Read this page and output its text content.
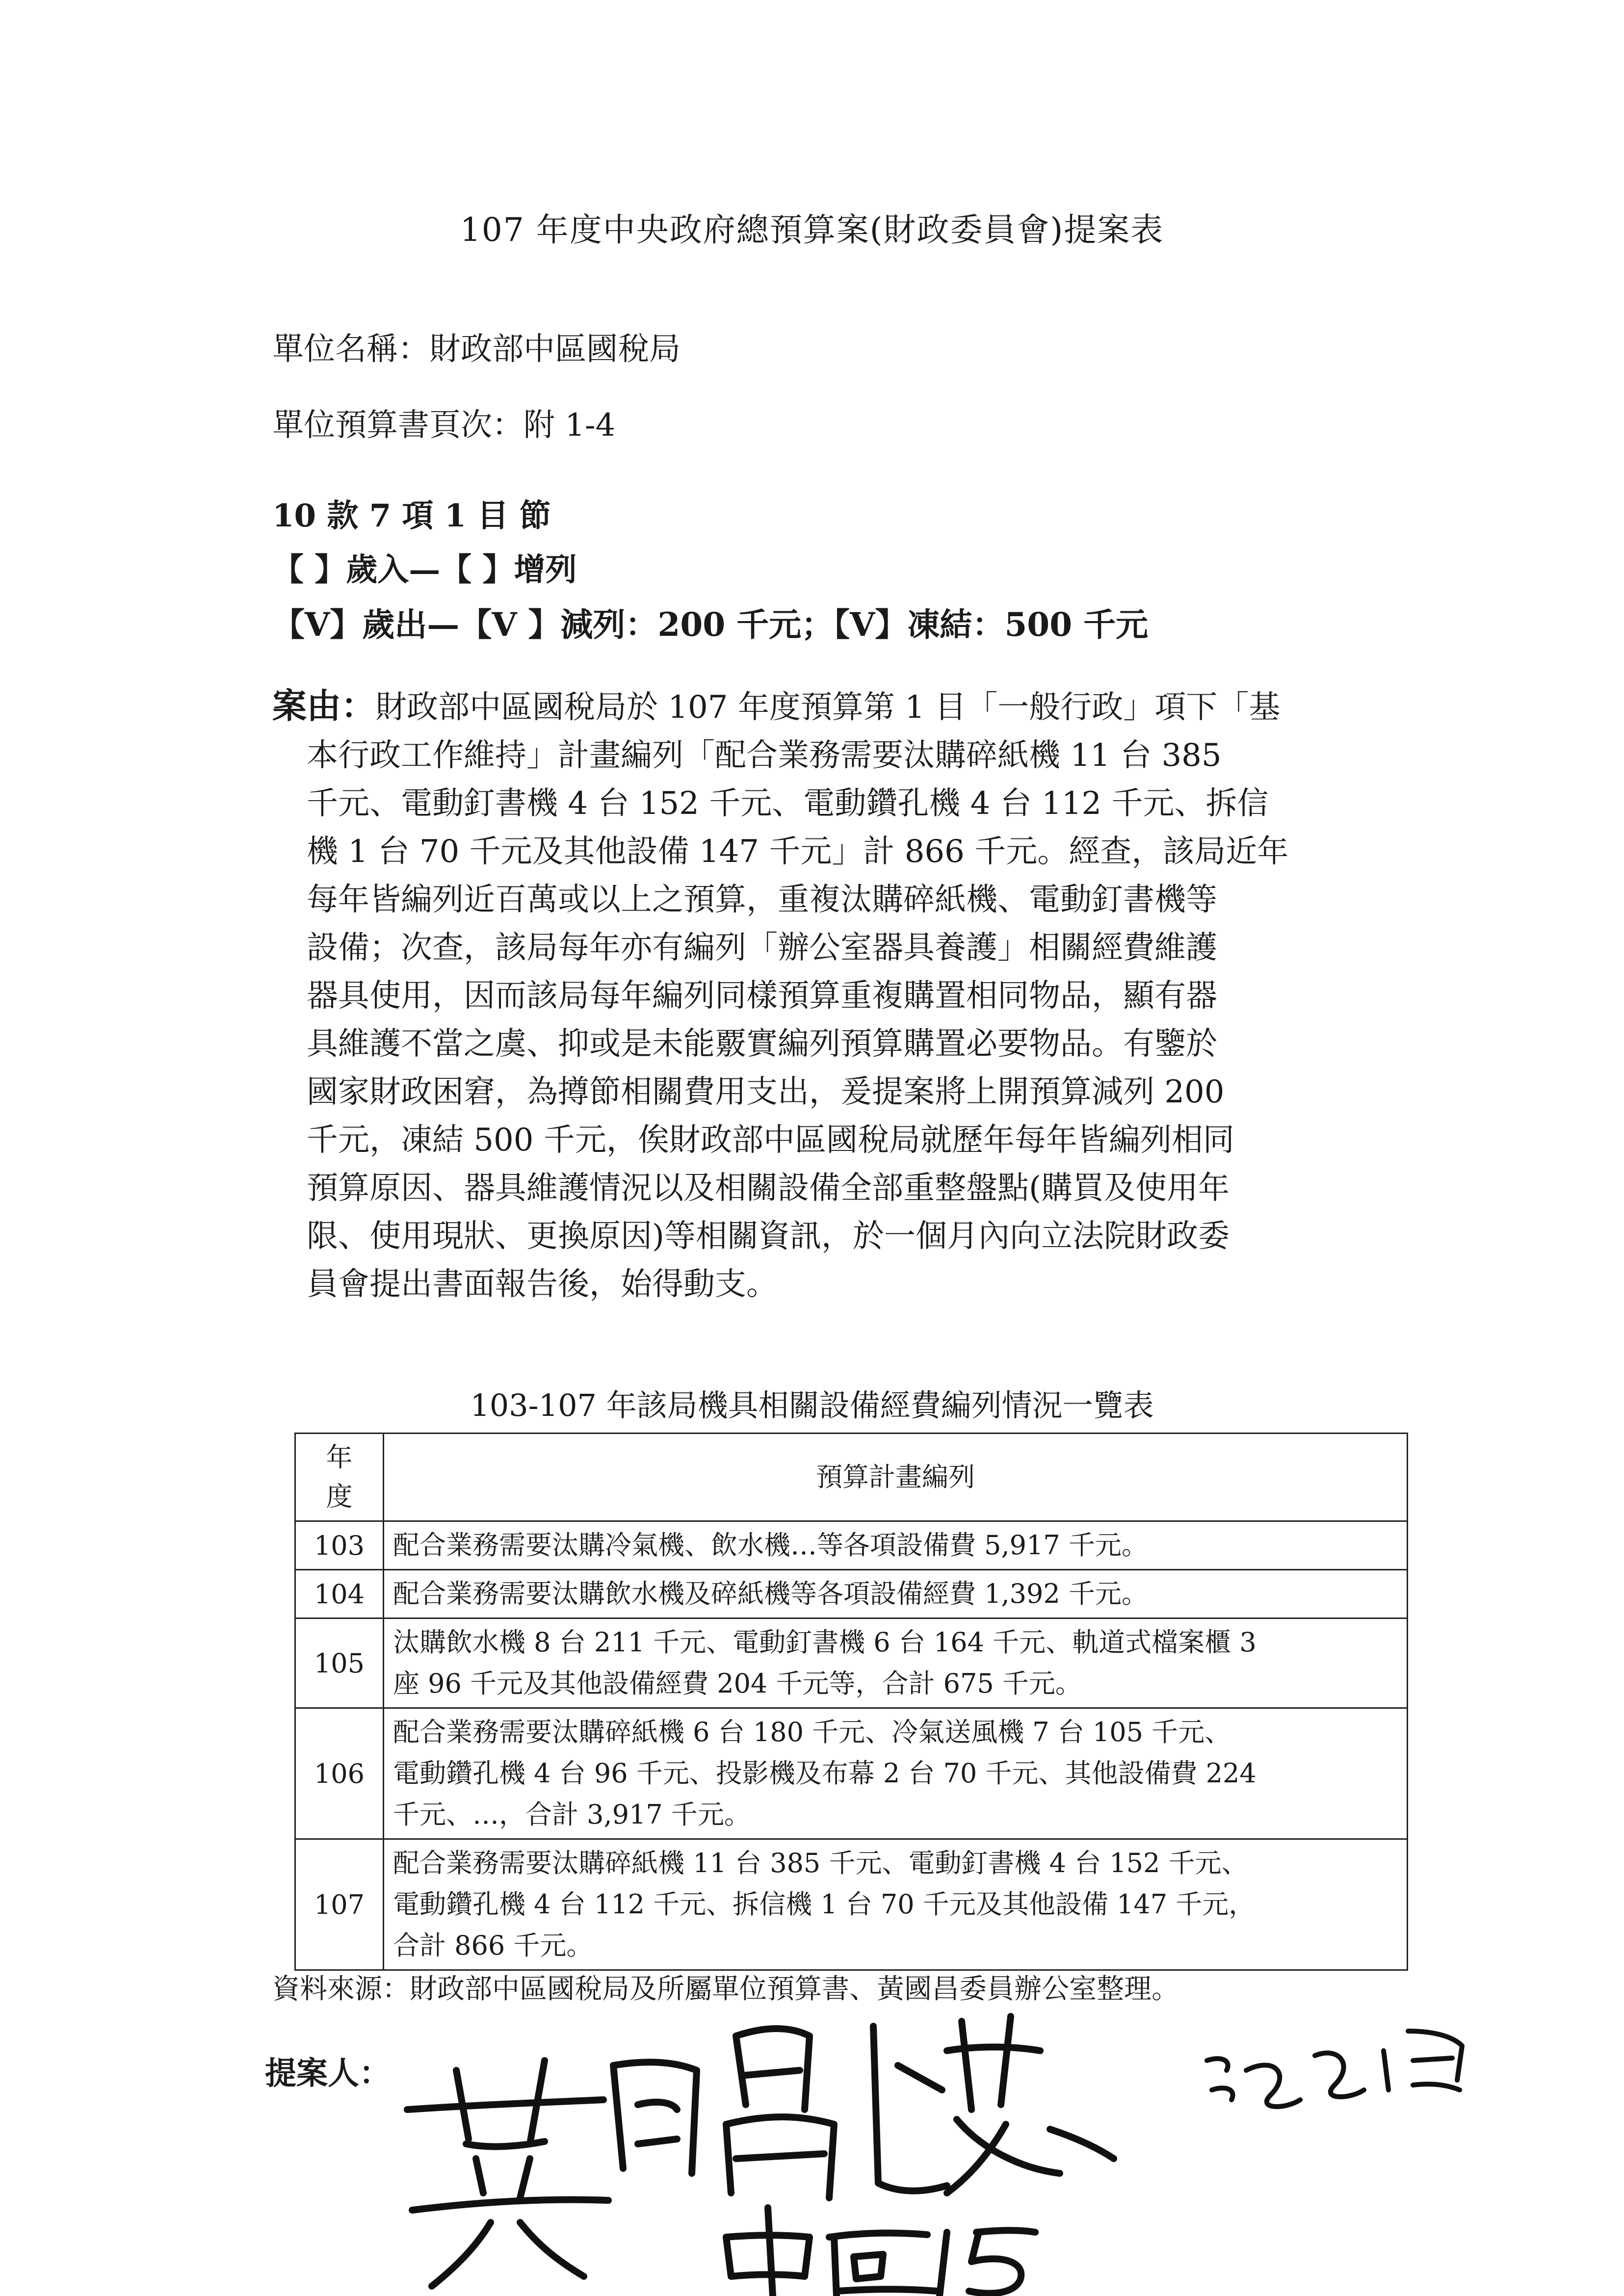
107 年度中央政府總預算案(財政委員會)提案表
單位名稱：財政部中區國稅局
單位預算書頁次：附 1-4
10 款 7 項 1 目 節
【 】歲入—【 】增列
【V】歲出—【V 】減列：200 千元；【V】凍結：500 千元
案由：財政部中區國稅局於 107 年度預算第 1 目「一般行政」項下「基
本行政工作維持」計畫編列「配合業務需要汰購碎紙機 11 台 385
千元、電動釘書機 4 台 152 千元、電動鑽孔機 4 台 112 千元、拆信
機 1 台 70 千元及其他設備 147 千元」計 866 千元。經查，該局近年
每年皆編列近百萬或以上之預算，重複汰購碎紙機、電動釘書機等
設備；次查，該局每年亦有編列「辦公室器具養護」相關經費維護
器具使用，因而該局每年編列同樣預算重複購置相同物品，顯有器
具維護不當之虞、抑或是未能覈實編列預算購置必要物品。有鑒於
國家財政困窘，為撙節相關費用支出，爰提案將上開預算減列 200
千元，凍結 500 千元，俟財政部中區國稅局就歷年每年皆編列相同
預算原因、器具維護情況以及相關設備全部重整盤點(購買及使用年
限、使用現狀、更換原因)等相關資訊，於一個月內向立法院財政委
員會提出書面報告後，始得動支。
103-107 年該局機具相關設備經費編列情況一覽表
年
度	預算計畫編列
103	配合業務需要汰購冷氣機、飲水機…等各項設備費 5,917 千元。

104	配合業務需要汰購飲水機及碎紙機等各項設備經費 1,392 千元。

105	汰購飲水機 8 台 211 千元、電動釘書機 6 台 164 千元、軌道式檔案櫃 3
座 96 千元及其他設備經費 204 千元等，合計 675 千元。

106	配合業務需要汰購碎紙機 6 台 180 千元、冷氣送風機 7 台 105 千元、
電動鑽孔機 4 台 96 千元、投影機及布幕 2 台 70 千元、其他設備費 224
千元、…，合計 3,917 千元。

107	配合業務需要汰購碎紙機 11 台 385 千元、電動釘書機 4 台 152 千元、
電動鑽孔機 4 台 112 千元、拆信機 1 台 70 千元及其他設備 147 千元，
合計 866 千元。
資料來源：財政部中區國稅局及所屬單位預算書、黃國昌委員辦公室整理。
提案人：
